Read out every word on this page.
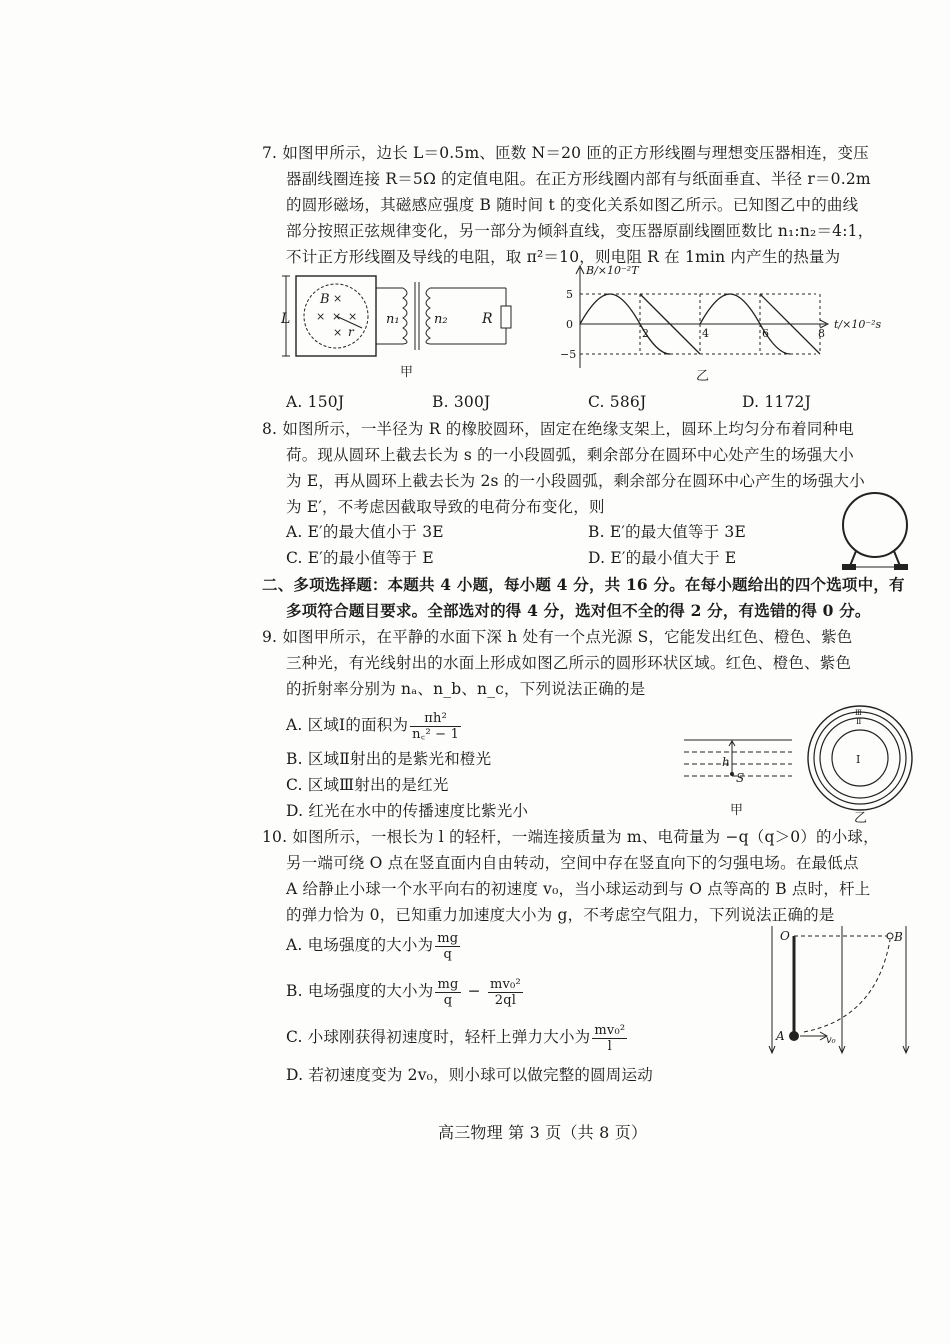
7. 如图甲所示，边长 L＝0.5m、匝数 N＝20 匝的正方形线圈与理想变压器相连，变压
器副线圈连接 R＝5Ω 的定值电阻。在正方形线圈内部有与纸面垂直、半径 r＝0.2m
的圆形磁场，其磁感应强度 B 随时间 t 的变化关系如图乙所示。已知图乙中的曲线
部分按照正弦规律变化，另一部分为倾斜直线，变压器原副线圈匝数比 n₁:n₂＝4:1，
不计正方形线圈及导线的电阻，取 π²＝10，则电阻 R 在 1min 内产生的热量为
L
B ×
× × ×
× r
n₁	n₂ R
甲
B/×10⁻²T
t/×10⁻²s
5
0
−5
2	4	6	8
乙
A. 150J	B. 300J	C. 586J	D. 1172J
8. 如图所示，一半径为 R 的橡胶圆环，固定在绝缘支架上，圆环上均匀分布着同种电
荷。现从圆环上截去长为 s 的一小段圆弧，剩余部分在圆环中心处产生的场强大小
为 E，再从圆环上截去长为 2s 的一小段圆弧，剩余部分在圆环中心产生的场强大小
为 E′，不考虑因截取导致的电荷分布变化，则
A. E′的最大值小于 3E	B. E′的最大值等于 3E
C. E′的最小值等于 E	D. E′的最小值大于 E
二、多项选择题：本题共 4 小题，每小题 4 分，共 16 分。在每小题给出的四个选项中，有
多项符合题目要求。全部选对的得 4 分，选对但不全的得 2 分，有选错的得 0 分。
9. 如图甲所示，在平静的水面下深 h 处有一个点光源 S，它能发出红色、橙色、紫色
三种光，有光线射出的水面上形成如图乙所示的圆形环状区域。红色、橙色、紫色
的折射率分别为 nₐ、n_b、n_c，下列说法正确的是
A. 区域Ⅰ的面积为 $\frac{\text{πh²}}{\text{n꜀² − 1}}$
B. 区域Ⅱ射出的是紫光和橙光
C. 区域Ⅲ射出的是红光
D. 红光在水中的传播速度比紫光小
h
S
甲
Ⅰ
Ⅱ
Ⅲ
乙
10. 如图所示，一根长为 l 的轻杆，一端连接质量为 m、电荷量为 −q（q＞0）的小球，
另一端可绕 O 点在竖直面内自由转动，空间中存在竖直向下的匀强电场。在最低点
A 给静止小球一个水平向右的初速度 v₀，当小球运动到与 O 点等高的 B 点时，杆上
的弹力恰为 0，已知重力加速度大小为 g，不考虑空气阻力，下列说法正确的是
A. 电场强度的大小为 $\frac{mg}{q}$
B. 电场强度的大小为 $\frac{mg}{q} - \frac{\text{mv₀²}}{2ql}$
C. 小球刚获得初速度时，轻杆上弹力大小为 $\frac{\text{mv₀²}}{l}$
D. 若初速度变为 2v₀，则小球可以做完整的圆周运动
O	B
A	v₀
高三物理 第 3 页（共 8 页）
